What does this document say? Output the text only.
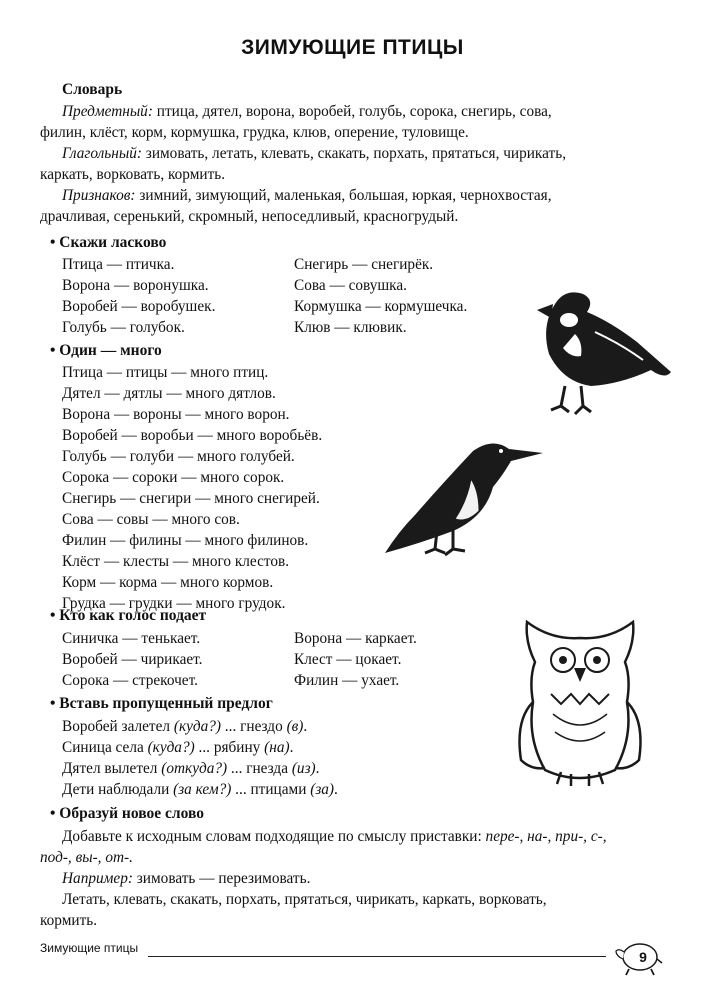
ЗИМУЮЩИЕ ПТИЦЫ
Словарь
Предметный: птица, дятел, ворона, воробей, голубь, сорока, снегирь, сова,
филин, клёст, корм, кормушка, грудка, клюв, оперение, туловище.
Глагольный: зимовать, летать, клевать, скакать, порхать, прятаться, чирикать,
каркать, ворковать, кормить.
Признаков: зимний, зимующий, маленькая, большая, юркая, чернохвостая,
драчливая, серенький, скромный, непоседливый, красногрудый.
• Скажи ласково
Птица — птичка.
Ворона — воронушка.
Воробей — воробушек.
Голубь — голубок.
Снегирь — снегирёк.
Сова — совушка.
Кормушка — кормушечка.
Клюв — клювик.
• Один — много
Птица — птицы — много птиц.
Дятел — дятлы — много дятлов.
Ворона — вороны — много ворон.
Воробей — воробьи — много воробьёв.
Голубь — голуби — много голубей.
Сорока — сороки — много сорок.
Снегирь — снегири — много снегирей.
Сова — совы — много сов.
Филин — филины — много филинов.
Клёст — клесты — много клестов.
Корм — корма — много кормов.
Грудка — грудки — много грудок.
• Кто как голос подает
Синичка — тенькает.
Воробей — чирикает.
Сорока — стрекочет.
Ворона — каркает.
Клест — цокает.
Филин — ухает.
• Вставь пропущенный предлог
Воробей залетел (куда?) ... гнездо (в).
Синица села (куда?) ... рябину (на).
Дятел вылетел (откуда?) ... гнезда (из).
Дети наблюдали (за кем?) ... птицами (за).
• Образуй новое слово
Добавьте к исходным словам подходящие по смыслу приставки: пере-, на-, при-, с-,
под-, вы-, от-.
Например: зимовать — перезимовать.
Летать, клевать, скакать, порхать, прятаться, чирикать, каркать, ворковать,
кормить.
Зимующие птицы
9
